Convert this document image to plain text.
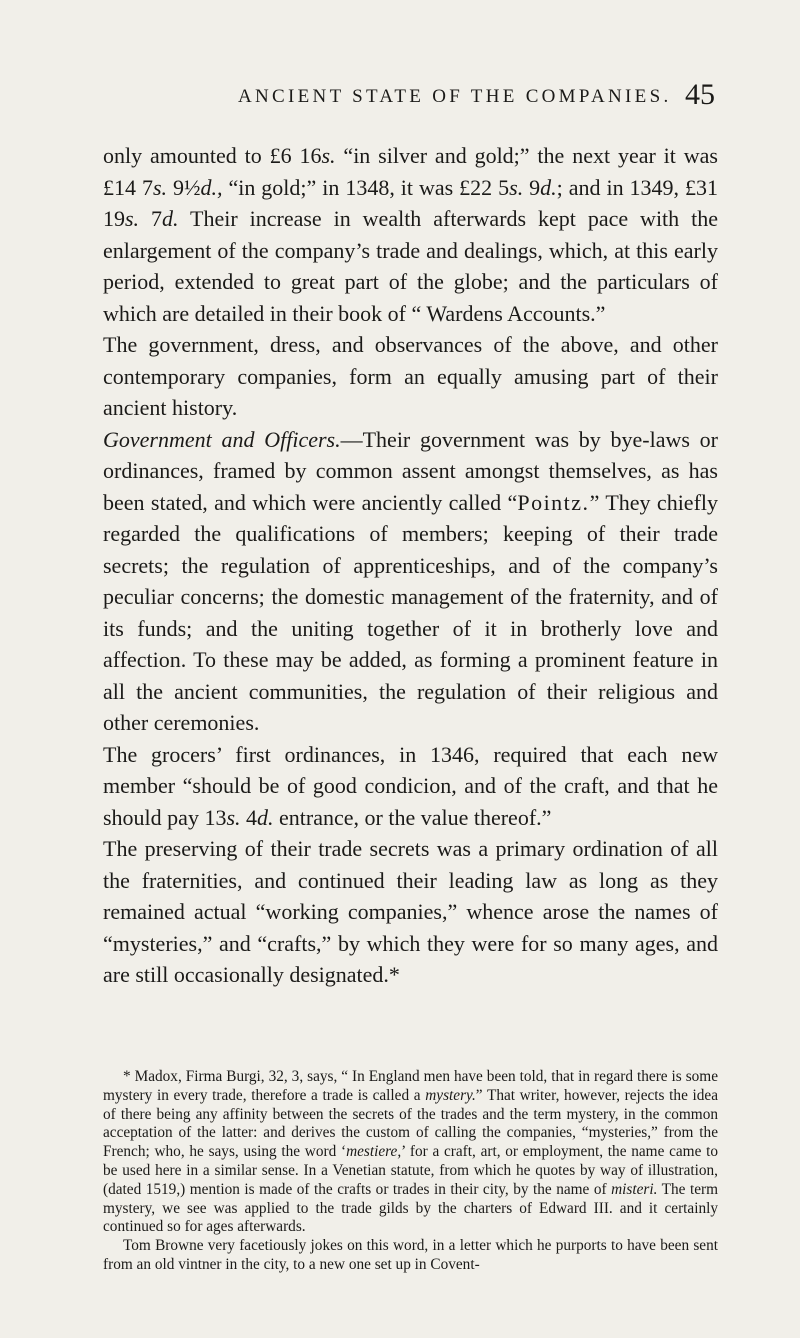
ANCIENT STATE OF THE COMPANIES. 45

only amounted to £6 16s. “in silver and gold;” the next year it was £14 7s. 9½d., “in gold;” in 1348, it was £22 5s. 9d.; and in 1349, £31 19s. 7d. Their increase in wealth afterwards kept pace with the enlargement of the company’s trade and dealings, which, at this early period, extended to great part of the globe; and the particulars of which are detailed in their book of “ Wardens Accounts.”

The government, dress, and observances of the above, and other contemporary companies, form an equally amusing part of their ancient history.

Government and Officers.—Their government was by bye-laws or ordinances, framed by common assent amongst themselves, as has been stated, and which were anciently called “Pointz.” They chiefly regarded the qualifications of members; keeping of their trade secrets; the regulation of apprenticeships, and of the company’s peculiar concerns; the domestic management of the fraternity, and of its funds; and the uniting together of it in brotherly love and affection. To these may be added, as forming a prominent feature in all the ancient communities, the regulation of their religious and other ceremonies.

The grocers’ first ordinances, in 1346, required that each new member “should be of good condicion, and of the craft, and that he should pay 13s. 4d. entrance, or the value thereof.”

The preserving of their trade secrets was a primary ordination of all the fraternities, and continued their leading law as long as they remained actual “working companies,” whence arose the names of “mysteries,” and “crafts,” by which they were for so many ages, and are still occasionally designated.*

* Madox, Firma Burgi, 32, 3, says, “ In England men have been told, that in regard there is some mystery in every trade, therefore a trade is called a mystery.” That writer, however, rejects the idea of there being any affinity between the secrets of the trades and the term mystery, in the common acceptation of the latter: and derives the custom of calling the companies, “mysteries,” from the French; who, he says, using the word ‘mestiere,’ for a craft, art, or employment, the name came to be used here in a similar sense. In a Venetian statute, from which he quotes by way of illustration, (dated 1519,) mention is made of the crafts or trades in their city, by the name of misteri. The term mystery, we see was applied to the trade gilds by the charters of Edward III. and it certainly continued so for ages afterwards.

Tom Browne very facetiously jokes on this word, in a letter which he purports to have been sent from an old vintner in the city, to a new one set up in Covent-
